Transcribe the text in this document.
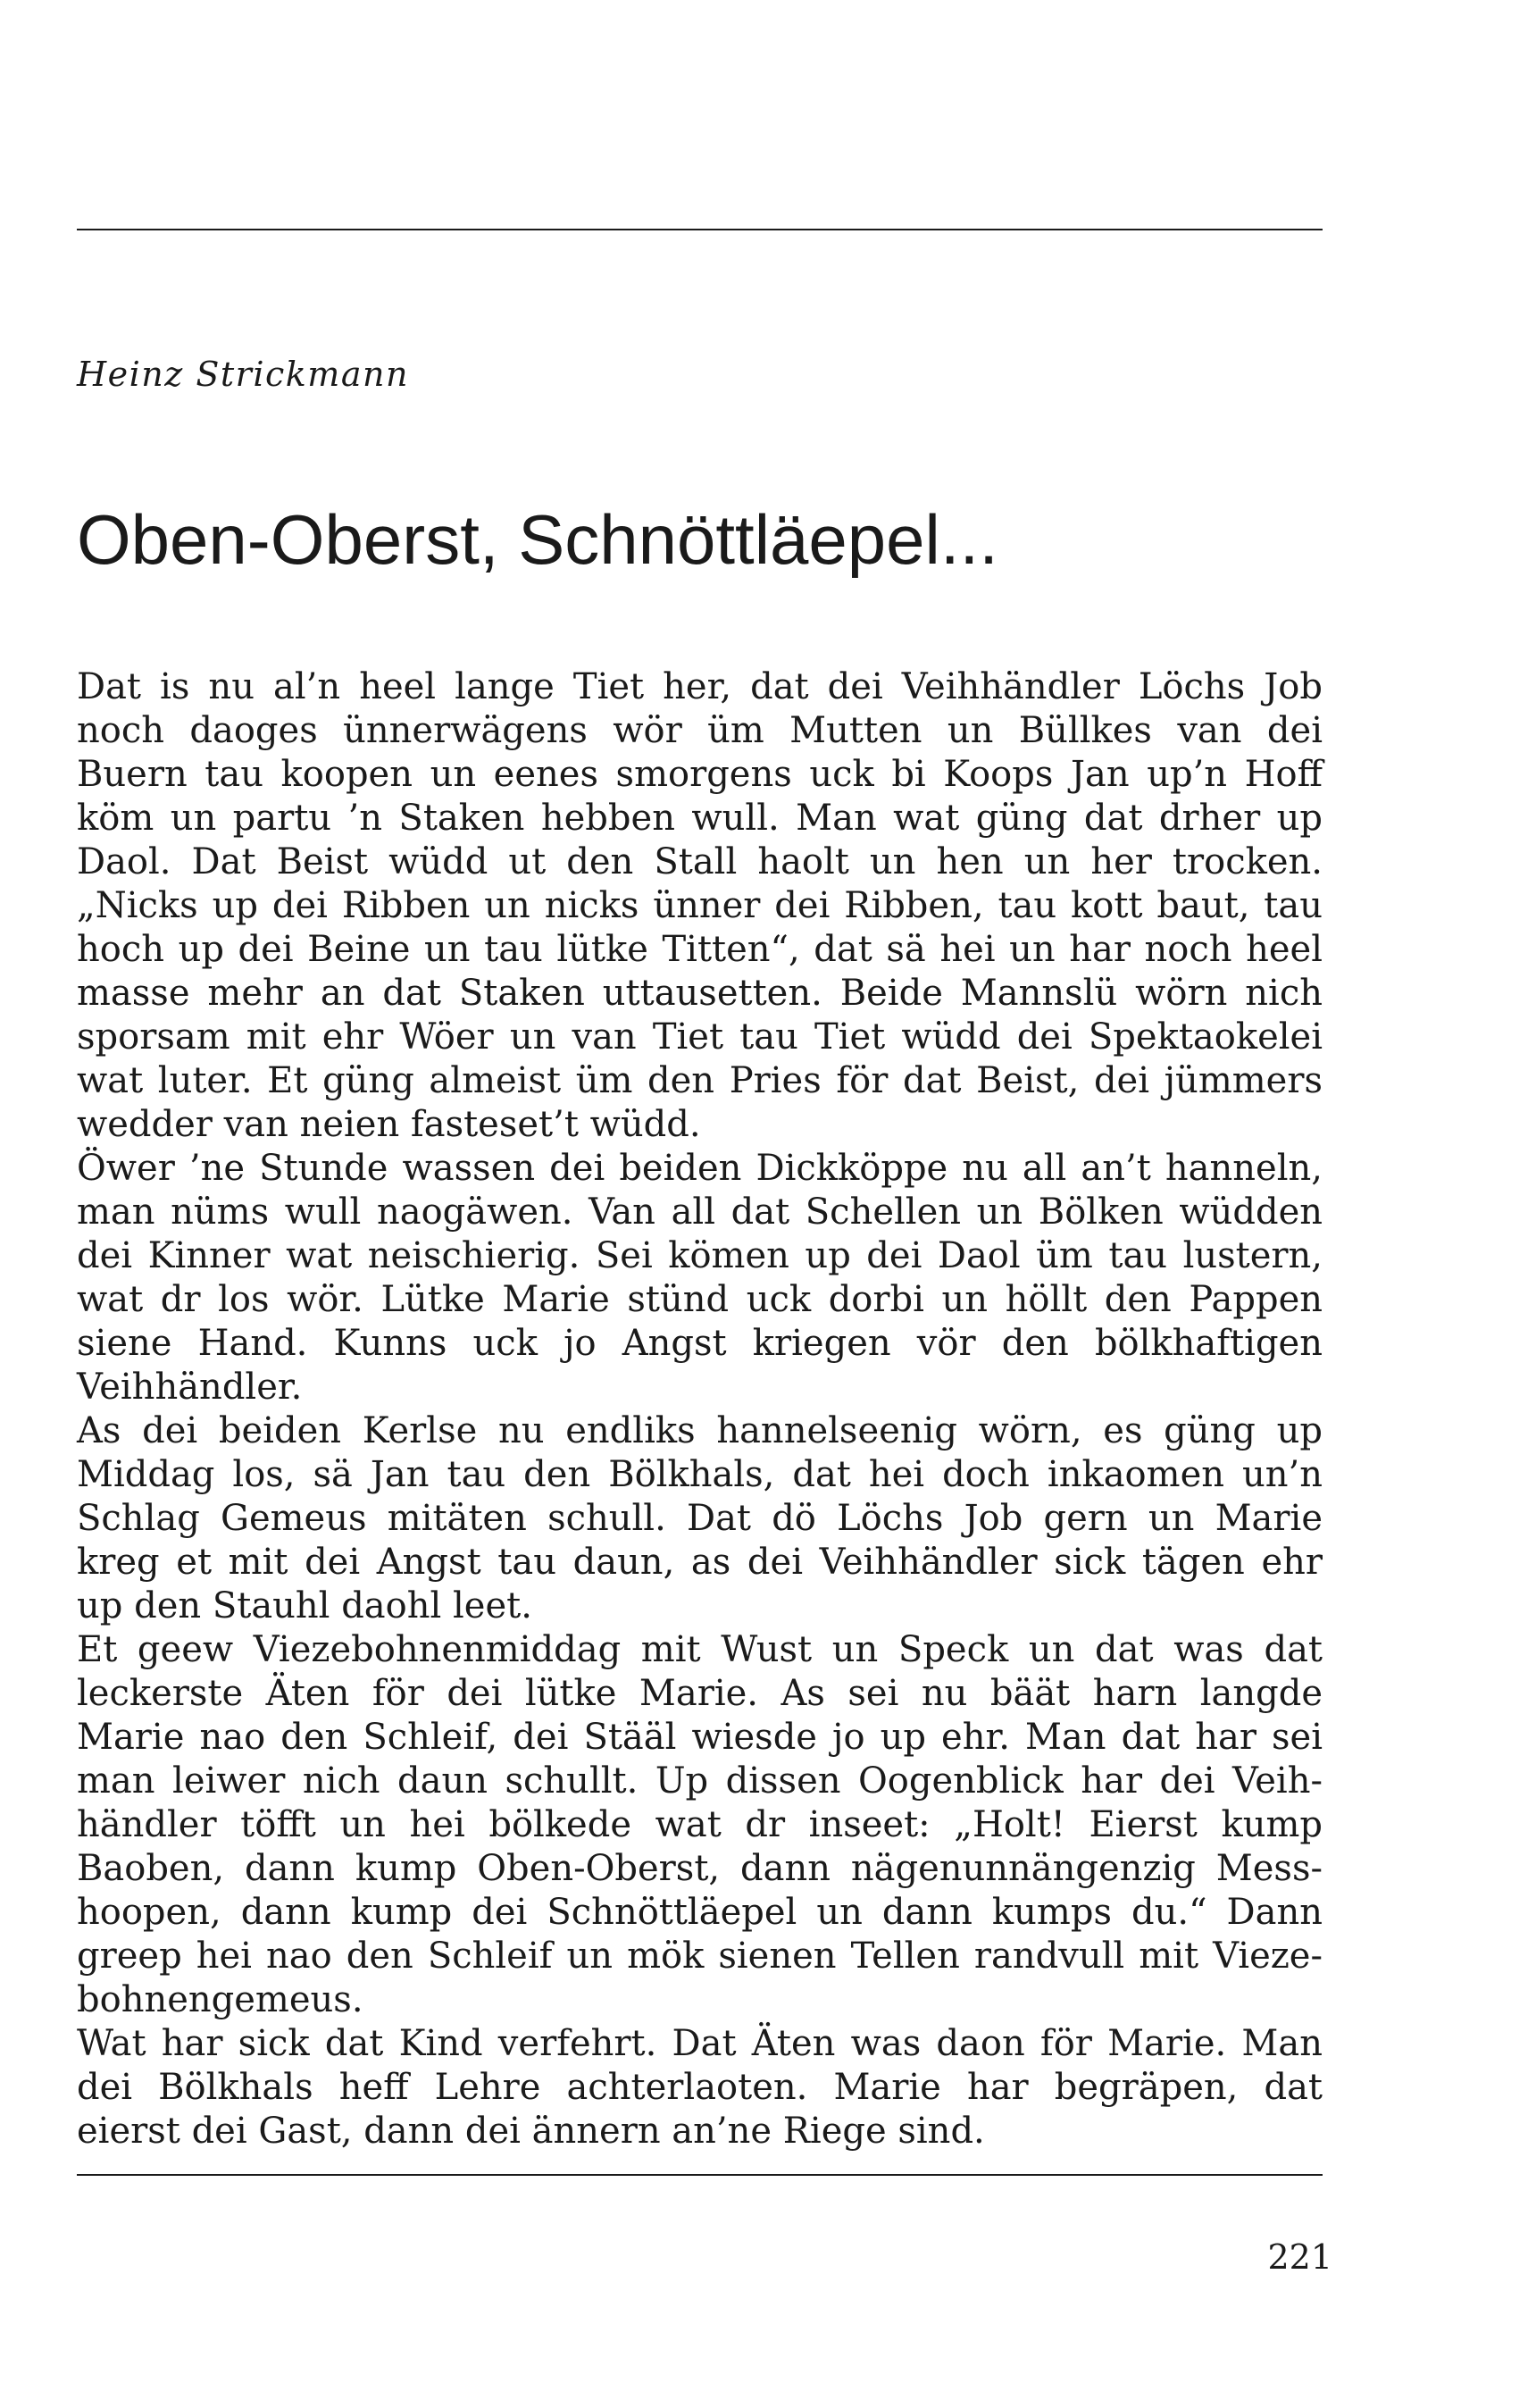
Heinz Strickmann

Oben-Oberst, Schnöttläepel...
Dat is nu al’n heel lange Tiet her, dat dei Veihhändler Löchs Job
noch daoges ünnerwägens wör üm Mutten un Büllkes van dei
Buern tau koopen un eenes smorgens uck bi Koops Jan up’n Hoff
köm un partu ’n Staken hebben wull. Man wat güng dat drher up
Daol. Dat Beist wüdd ut den Stall haolt un hen un her trocken.
„Nicks up dei Ribben un nicks ünner dei Ribben, tau kott baut, tau
hoch up dei Beine un tau lütke Titten“, dat sä hei un har noch heel
masse mehr an dat Staken uttausetten. Beide Mannslü wörn nich
sporsam mit ehr Wöer un van Tiet tau Tiet wüdd dei Spektaokelei
wat luter. Et güng almeist üm den Pries för dat Beist, dei jümmers
wedder van neien fasteset’t wüdd.
Öwer ’ne Stunde wassen dei beiden Dickköppe nu all an’t hanneln,
man nüms wull naogäwen. Van all dat Schellen un Bölken wüdden
dei Kinner wat neischierig. Sei kömen up dei Daol üm tau lustern,
wat dr los wör. Lütke Marie stünd uck dorbi un höllt den Pappen
siene Hand. Kunns uck jo Angst kriegen vör den bölkhaftigen
Veihhändler.
As dei beiden Kerlse nu endliks hannelseenig wörn, es güng up
Middag los, sä Jan tau den Bölkhals, dat hei doch inkaomen un’n
Schlag Gemeus mitäten schull. Dat dö Löchs Job gern un Marie
kreg et mit dei Angst tau daun, as dei Veihhändler sick tägen ehr
up den Stauhl daohl leet.
Et geew Viezebohnenmiddag mit Wust un Speck un dat was dat
leckerste Äten för dei lütke Marie. As sei nu bäät harn langde
Marie nao den Schleif, dei Stääl wiesde jo up ehr. Man dat har sei
man leiwer nich daun schullt. Up dissen Oogenblick har dei Veih-
händler töfft un hei bölkede wat dr inseet: „Holt! Eierst kump
Baoben, dann kump Oben-Oberst, dann nägenunnängenzig Mess-
hoopen, dann kump dei Schnöttläepel un dann kumps du.“ Dann
greep hei nao den Schleif un mök sienen Tellen randvull mit Vieze-
bohnengemeus.
Wat har sick dat Kind verfehrt. Dat Äten was daon för Marie. Man
dei Bölkhals heff Lehre achterlaoten. Marie har begräpen, dat
eierst dei Gast, dann dei ännern an’ne Riege sind.

221
